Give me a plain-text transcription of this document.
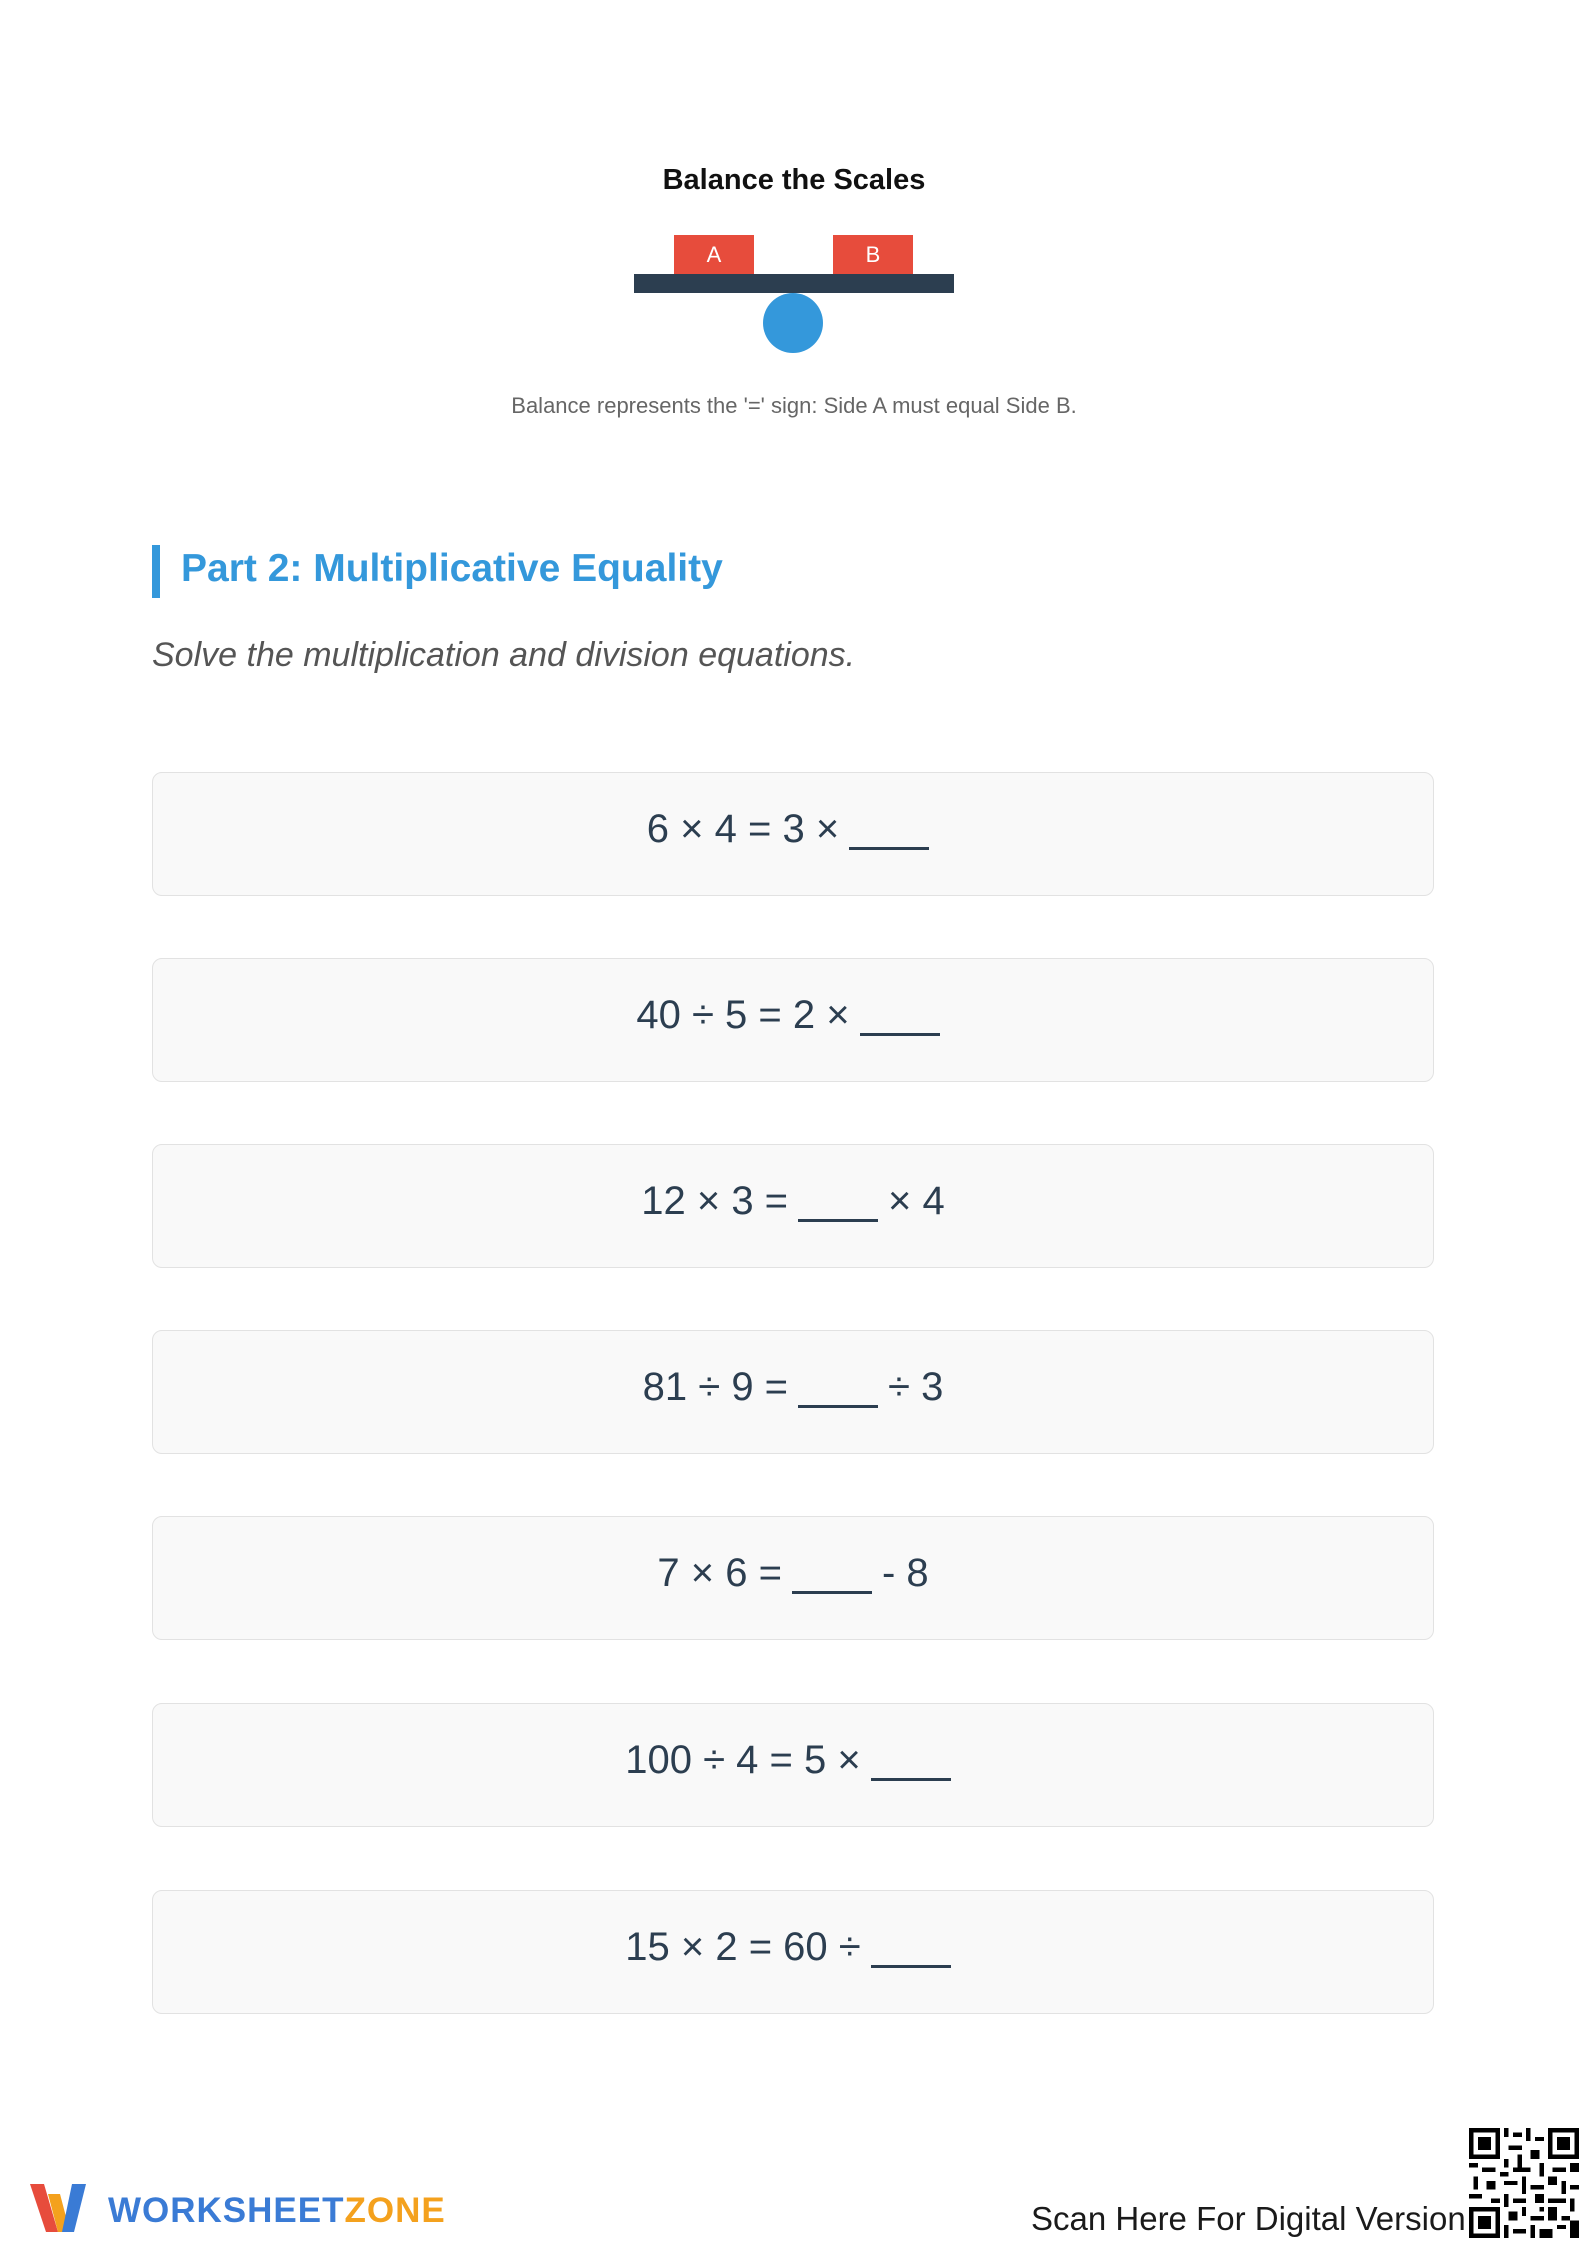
Balance the Scales
A	B
Balance represents the '=' sign: Side A must equal Side B.
Part 2: Multiplicative Equality
Solve the multiplication and division equations.
6 × 4 = 3 ×
40 ÷ 5 = 2 ×
12 × 3 =	× 4
81 ÷ 9 =	÷ 3
7 × 6 =	- 8
100 ÷ 4 = 5 ×
15 × 2 = 60 ÷
WORKSHEETZONE	Scan Here For Digital Version
